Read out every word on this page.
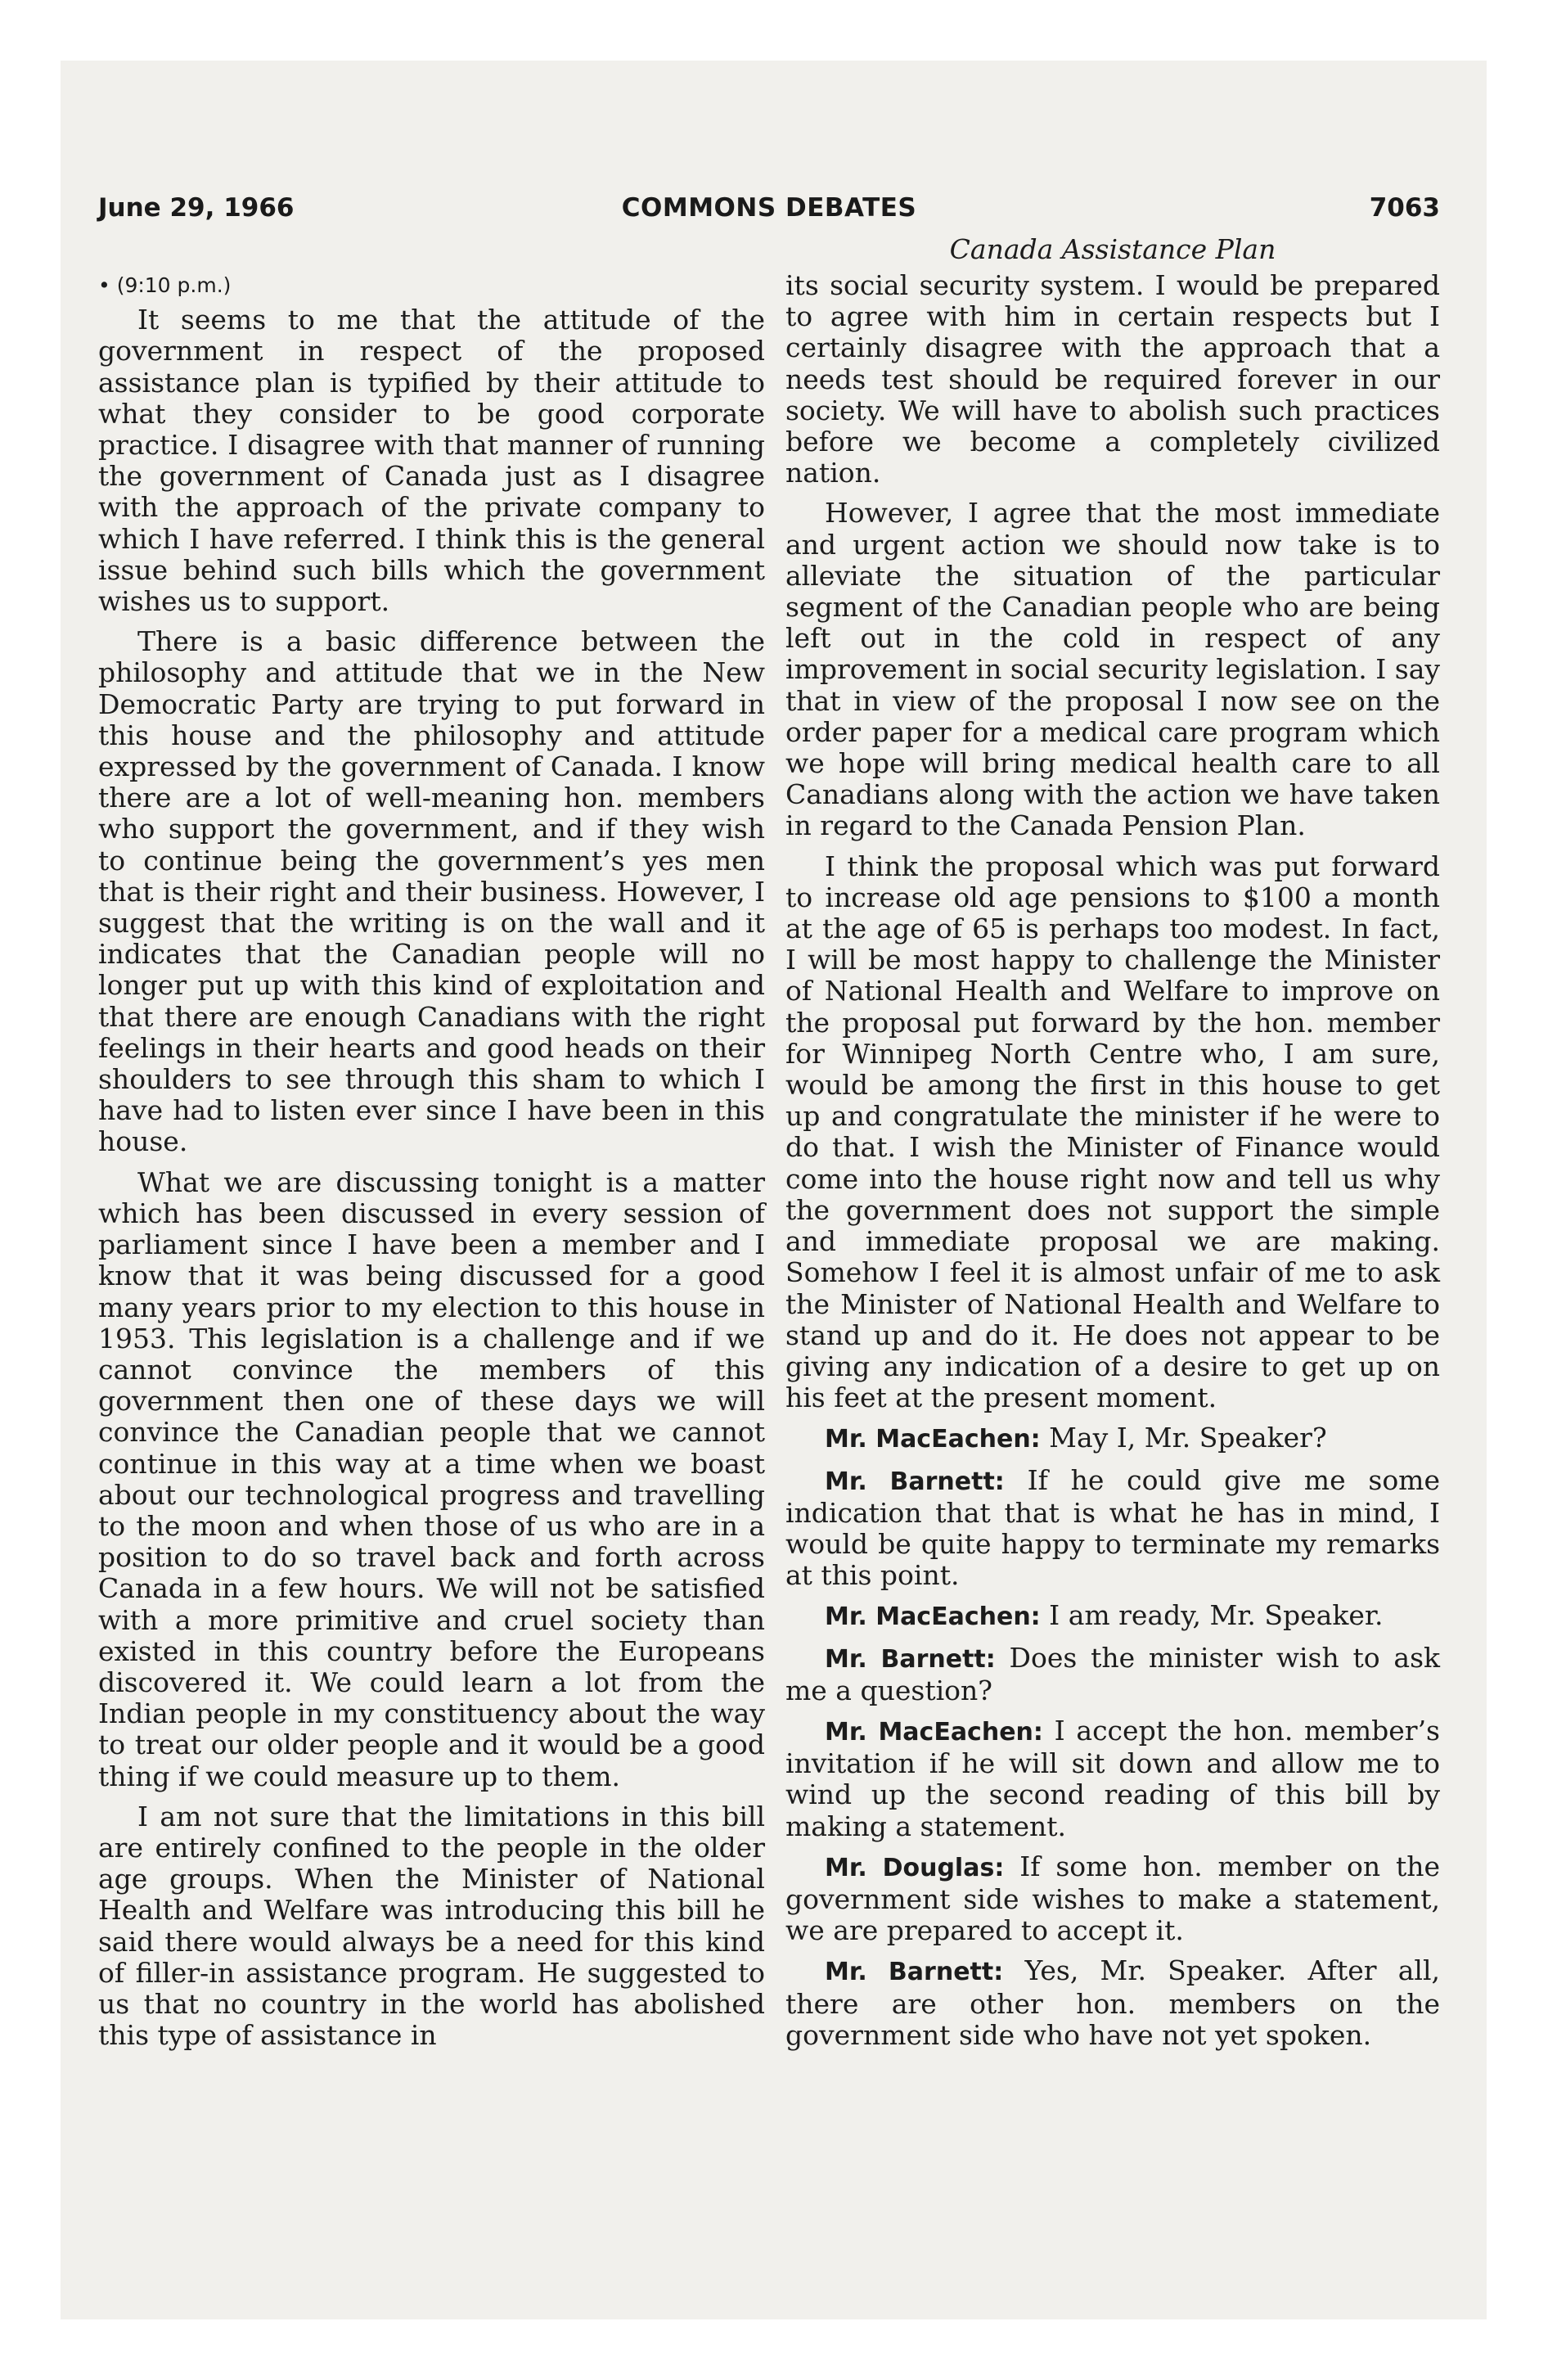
June 29, 1966	COMMONS DEBATES	7063
Canada Assistance Plan

• (9:10 p.m.)

It seems to me that the attitude of the government in respect of the proposed assistance plan is typified by their attitude to what they consider to be good corporate practice. I disagree with that manner of running the government of Canada just as I disagree with the approach of the private company to which I have referred. I think this is the general issue behind such bills which the government wishes us to support.

There is a basic difference between the philosophy and attitude that we in the New Democratic Party are trying to put forward in this house and the philosophy and attitude expressed by the government of Canada. I know there are a lot of well-meaning hon. members who support the government, and if they wish to continue being the government’s yes men that is their right and their business. However, I suggest that the writing is on the wall and it indicates that the Canadian people will no longer put up with this kind of exploitation and that there are enough Canadians with the right feelings in their hearts and good heads on their shoulders to see through this sham to which I have had to listen ever since I have been in this house.

What we are discussing tonight is a matter which has been discussed in every session of parliament since I have been a member and I know that it was being discussed for a good many years prior to my election to this house in 1953. This legislation is a challenge and if we cannot convince the members of this government then one of these days we will convince the Canadian people that we cannot continue in this way at a time when we boast about our technological progress and travelling to the moon and when those of us who are in a position to do so travel back and forth across Canada in a few hours. We will not be satisfied with a more primitive and cruel society than existed in this country before the Europeans discovered it. We could learn a lot from the Indian people in my constituency about the way to treat our older people and it would be a good thing if we could measure up to them.

I am not sure that the limitations in this bill are entirely confined to the people in the older age groups. When the Minister of National Health and Welfare was introducing this bill he said there would always be a need for this kind of filler-in assistance program. He suggested to us that no country in the world has abolished this type of assistance in

its social security system. I would be prepared to agree with him in certain respects but I certainly disagree with the approach that a needs test should be required forever in our society. We will have to abolish such practices before we become a completely civilized nation.

However, I agree that the most immediate and urgent action we should now take is to alleviate the situation of the particular segment of the Canadian people who are being left out in the cold in respect of any improvement in social security legislation. I say that in view of the proposal I now see on the order paper for a medical care program which we hope will bring medical health care to all Canadians along with the action we have taken in regard to the Canada Pension Plan.

I think the proposal which was put forward to increase old age pensions to $100 a month at the age of 65 is perhaps too modest. In fact, I will be most happy to challenge the Minister of National Health and Welfare to improve on the proposal put forward by the hon. member for Winnipeg North Centre who, I am sure, would be among the first in this house to get up and congratulate the minister if he were to do that. I wish the Minister of Finance would come into the house right now and tell us why the government does not support the simple and immediate proposal we are making. Somehow I feel it is almost unfair of me to ask the Minister of National Health and Welfare to stand up and do it. He does not appear to be giving any indication of a desire to get up on his feet at the present moment.

Mr. MacEachen: May I, Mr. Speaker?

Mr. Barnett: If he could give me some indication that that is what he has in mind, I would be quite happy to terminate my remarks at this point.

Mr. MacEachen: I am ready, Mr. Speaker.

Mr. Barnett: Does the minister wish to ask me a question?

Mr. MacEachen: I accept the hon. member’s invitation if he will sit down and allow me to wind up the second reading of this bill by making a statement.

Mr. Douglas: If some hon. member on the government side wishes to make a statement, we are prepared to accept it.

Mr. Barnett: Yes, Mr. Speaker. After all, there are other hon. members on the government side who have not yet spoken.
